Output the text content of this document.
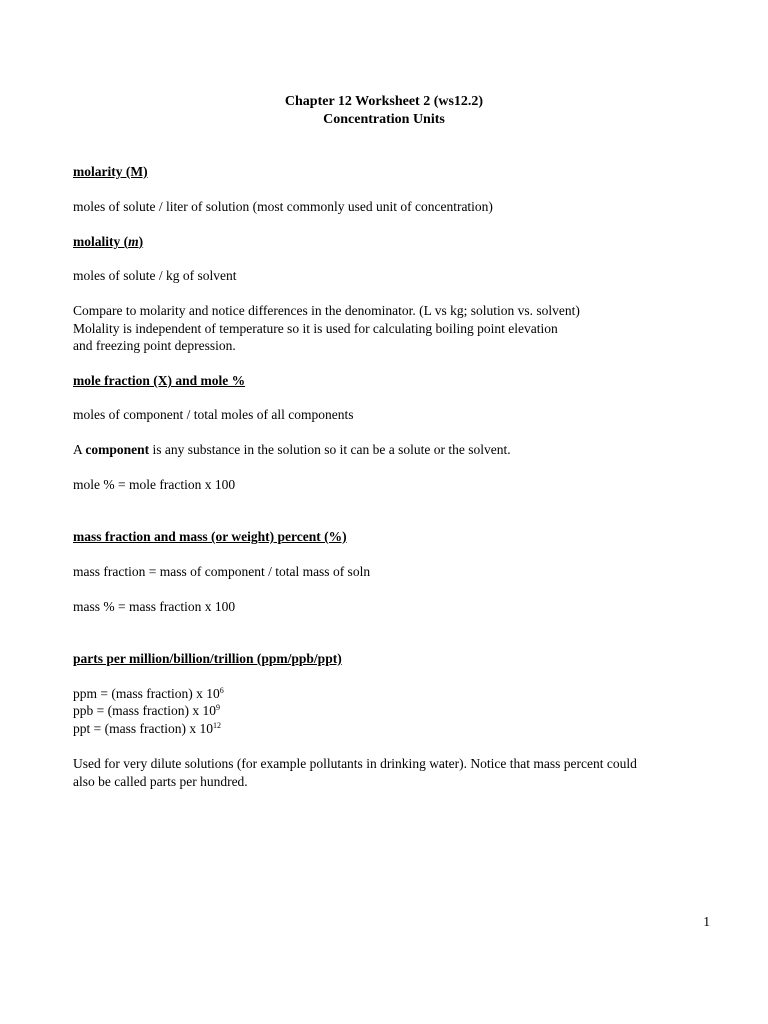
Chapter 12 Worksheet 2 (ws12.2)
Concentration Units
molarity (M)
moles of solute / liter of solution (most commonly used unit of concentration)
molality (m)
moles of solute / kg of solvent
Compare to molarity and notice differences in the denominator. (L vs kg; solution vs. solvent)
Molality is independent of temperature so it is used for calculating boiling point elevation
and freezing point depression.
mole fraction (X) and mole %
moles of component / total moles of all components
A component is any substance in the solution so it can be a solute or the solvent.
mole % = mole fraction x 100
mass fraction and mass (or weight) percent (%)
mass fraction = mass of component / total mass of soln
mass % = mass fraction x 100
parts per million/billion/trillion (ppm/ppb/ppt)
ppm = (mass fraction) x $10^6$
ppb = (mass fraction) x $10^9$
ppt = (mass fraction) x $10^{12}$
Used for very dilute solutions (for example pollutants in drinking water). Notice that mass percent could
also be called parts per hundred.
1
